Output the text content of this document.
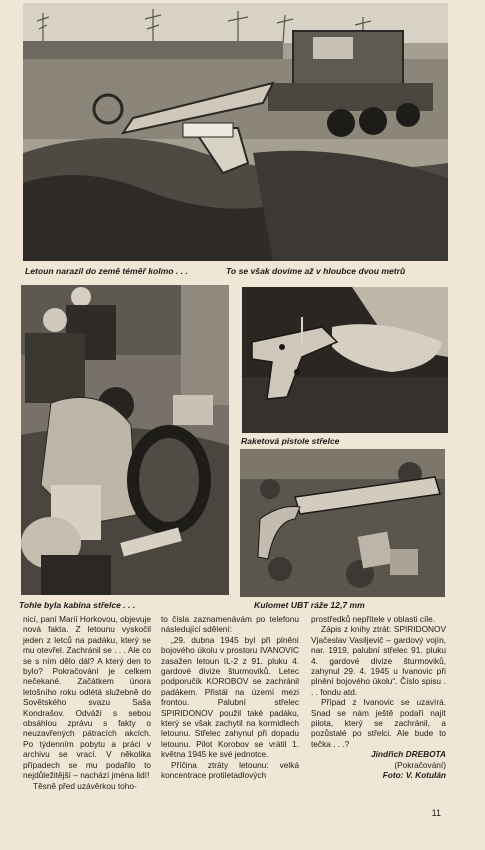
Letoun narazil do země téměř kolmo . . .	To se však dovíme až v hloubce dvou metrů
Raketová pistole střelce
Tohle byla kabina střelce . . .	Kulomet UBT ráže 12,7 mm

nicí, paní Marií Horkovou, objevuje nová fakta. Z letounu vyskočil jeden z letců na padáku, který se mu otevřel. Zachránil se . . . Ale co se s ním dělo dál? A který den to bylo? Pokračování je celkem nečekané. Začátkem února letošního roku odlétá služebně do Sovětského svazu Saša Kondrašov. Odváží s sebou obsáhlou zprávu s fakty o neuzavřených pátracích akcích. Po týdenním pobytu a práci v archivu se vrací. V několika případech se mu podařilo to nejdůležitější – nachází jména lidí!

Těsně před uzávěrkou toho-

to čísla zaznamenávám po telefonu následující sdělení:

„29. dubna 1945 byl při plnění bojového úkolu v prostoru IVANOVIC zasažen letoun IL-2 z 91. pluku 4. gardové divize šturmoviků. Letec podporučík KOROBOV se zachránil padákem. Přistál na území mezi frontou. Palubní střelec SPIRIDONOV použil také padáku, který se však zachytil na kormidlech letounu. Střelec zahynul při dopadu letounu. Pilot Korobov se vrátil 1. května 1945 ke své jednotce.

Příčina ztráty letounu: velká koncentrace protiletadlových

prostředků nepřítele v oblasti cíle.

Zápis z knihy ztrát: SPIRIDONOV Vjačeslav Vasiljevič – gardový vojín, nar. 1919, palubní střelec 91. pluku 4. gardové divize šturmoviků, zahynul 29. 4. 1945 u Ivanovic při plnění bojového úkolu“. Číslo spisu . . . fondu atd.

Případ z Ivanovic se uzavírá. Snad se nám ještě podaří najít pilota, který se zachránil, a pozůstalé po střelci. Ale bude to tečka . . .?

Jindřich DREBOTA

(Pokračování)

Foto: V. Kotulán

11
